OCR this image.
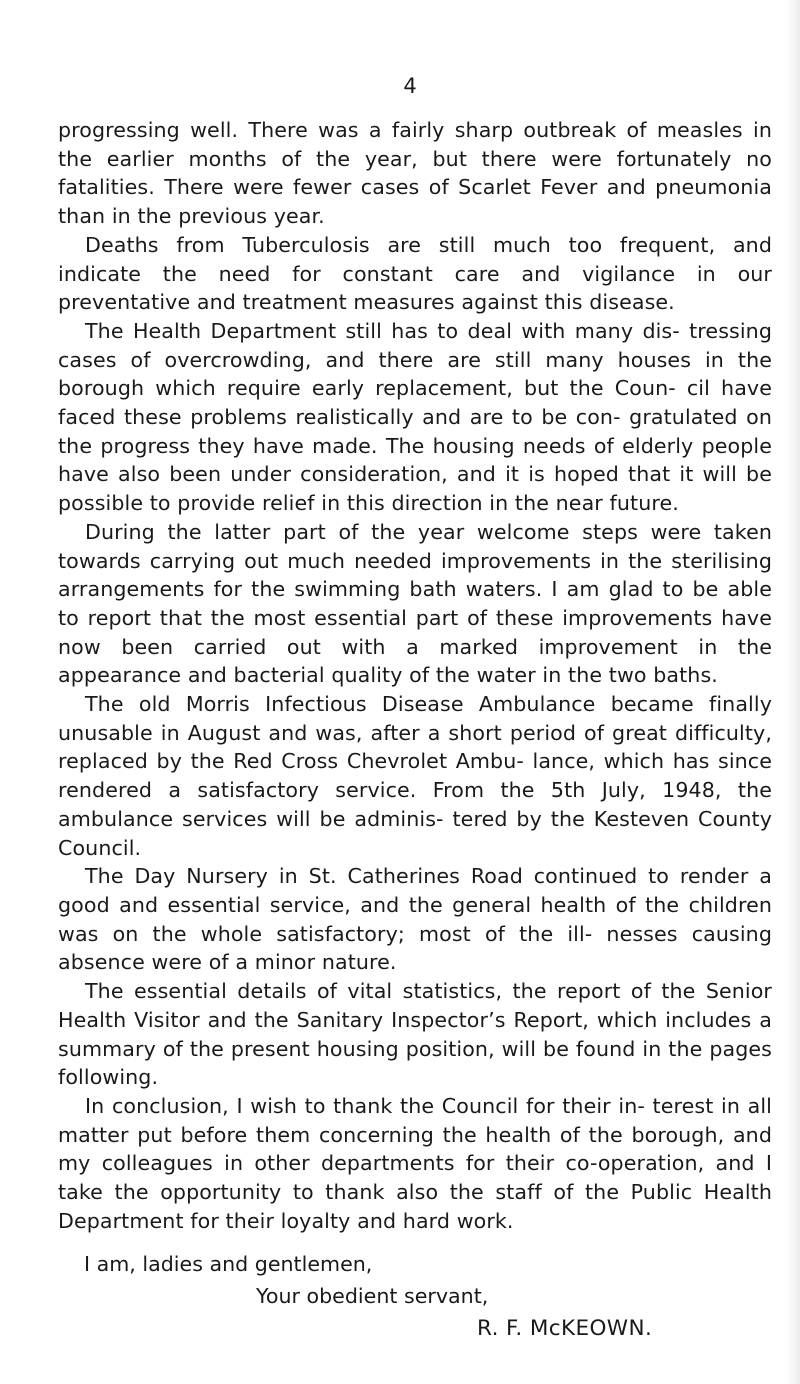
4

progressing well. There was a fairly sharp outbreak of measles in the earlier months of the year, but there were fortunately no fatalities. There were fewer cases of Scarlet Fever and pneumonia than in the previous year.

Deaths from Tuberculosis are still much too frequent, and indicate the need for constant care and vigilance in our preventative and treatment measures against this disease.

The Health Department still has to deal with many dis- tressing cases of overcrowding, and there are still many houses in the borough which require early replacement, but the Coun- cil have faced these problems realistically and are to be con- gratulated on the progress they have made. The housing needs of elderly people have also been under consideration, and it is hoped that it will be possible to provide relief in this direction in the near future.

During the latter part of the year welcome steps were taken towards carrying out much needed improvements in the sterilising arrangements for the swimming bath waters. I am glad to be able to report that the most essential part of these improvements have now been carried out with a marked improvement in the appearance and bacterial quality of the water in the two baths.

The old Morris Infectious Disease Ambulance became finally unusable in August and was, after a short period of great difficulty, replaced by the Red Cross Chevrolet Ambu- lance, which has since rendered a satisfactory service. From the 5th July, 1948, the ambulance services will be adminis- tered by the Kesteven County Council.

The Day Nursery in St. Catherines Road continued to render a good and essential service, and the general health of the children was on the whole satisfactory; most of the ill- nesses causing absence were of a minor nature.

The essential details of vital statistics, the report of the Senior Health Visitor and the Sanitary Inspector’s Report, which includes a summary of the present housing position, will be found in the pages following.

In conclusion, I wish to thank the Council for their in- terest in all matter put before them concerning the health of the borough, and my colleagues in other departments for their co-operation, and I take the opportunity to thank also the staff of the Public Health Department for their loyalty and hard work.

I am, ladies and gentlemen,
Your obedient servant,
R. F. McKEOWN.
